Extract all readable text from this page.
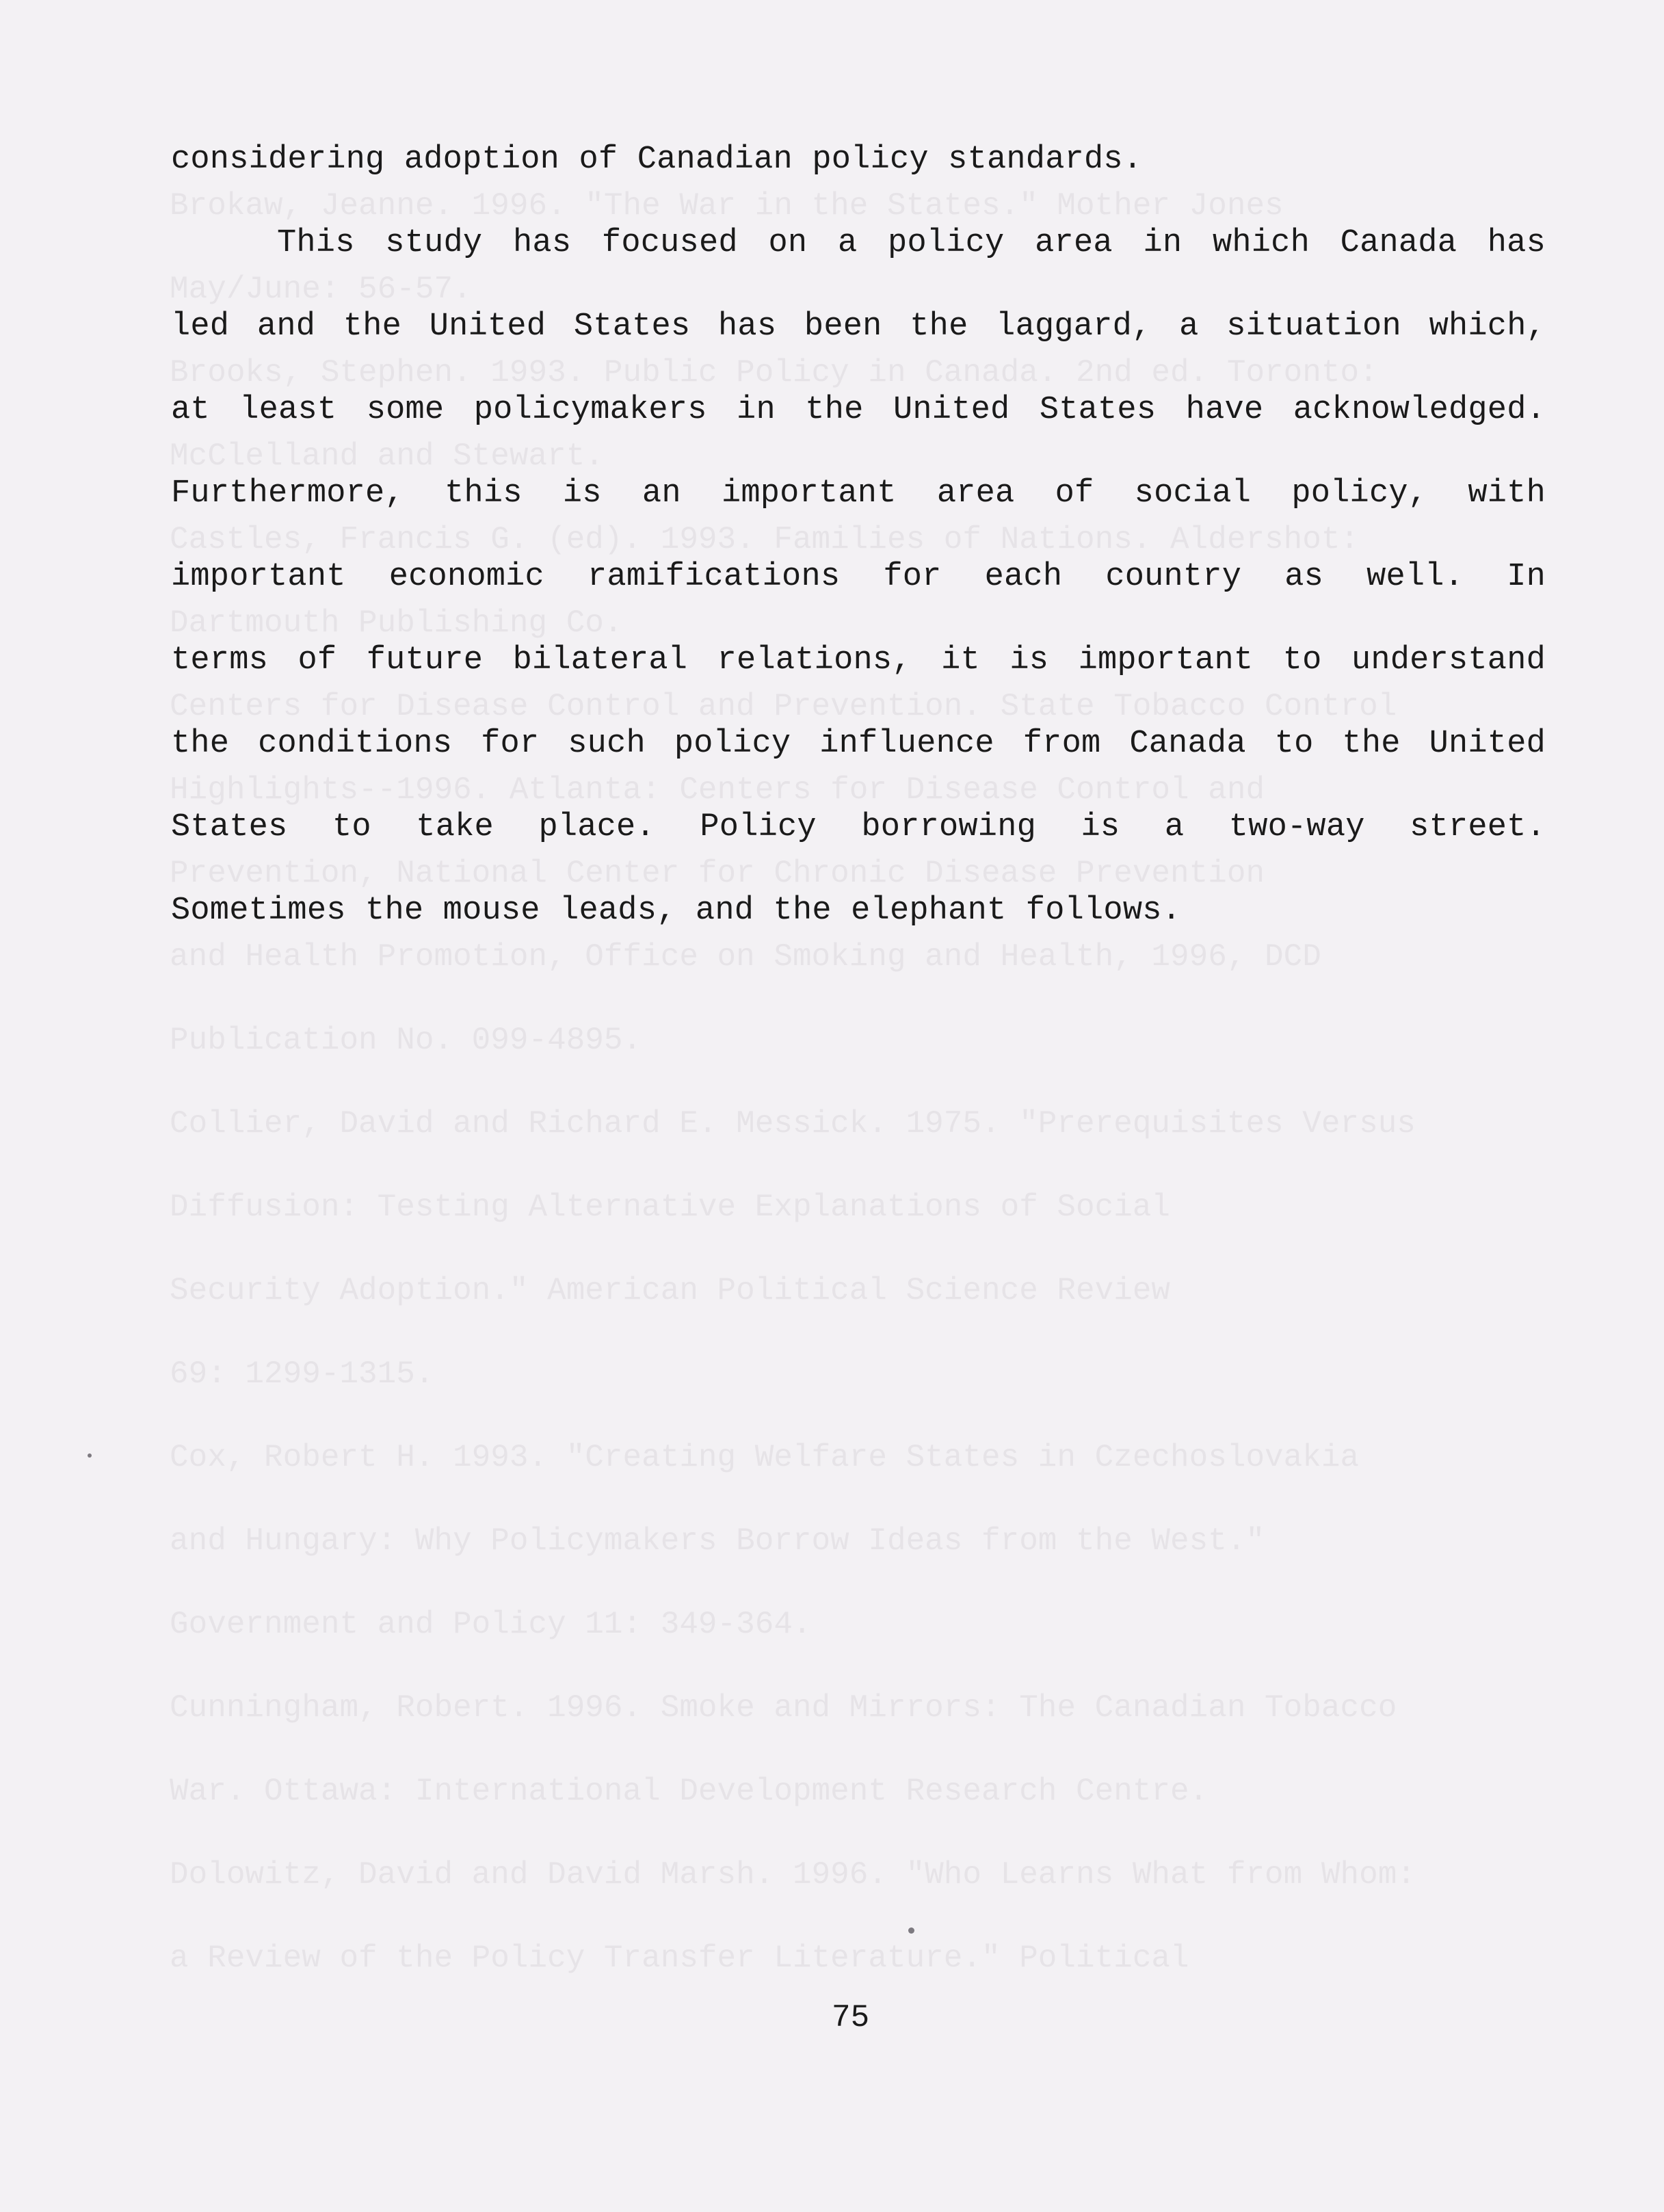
Brokaw, Jeanne. 1996. "The War in the States." Mother Jones
May/June: 56-57.
Brooks, Stephen. 1993. Public Policy in Canada. 2nd ed. Toronto:
McClelland and Stewart.
Castles, Francis G. (ed). 1993. Families of Nations. Aldershot:
Dartmouth Publishing Co.
Centers for Disease Control and Prevention. State Tobacco Control
Highlights--1996. Atlanta: Centers for Disease Control and
Prevention, National Center for Chronic Disease Prevention
and Health Promotion, Office on Smoking and Health, 1996, DCD
Publication No. 099-4895.
Collier, David and Richard E. Messick. 1975. "Prerequisites Versus
Diffusion: Testing Alternative Explanations of Social
Security Adoption." American Political Science Review
69: 1299-1315.
Cox, Robert H. 1993. "Creating Welfare States in Czechoslovakia
and Hungary: Why Policymakers Borrow Ideas from the West."
Government and Policy 11: 349-364.
Cunningham, Robert. 1996. Smoke and Mirrors: The Canadian Tobacco
War. Ottawa: International Development Research Centre.
Dolowitz, David and David Marsh. 1996. "Who Learns What from Whom:
a Review of the Policy Transfer Literature." Political
considering adoption of Canadian policy standards.
This study has focused on a policy area in which Canada has
led and the United States has been the laggard, a situation which,
at least some policymakers in the United States have acknowledged.
Furthermore, this is an important area of social policy, with
important economic ramifications for each country as well. In
terms of future bilateral relations, it is important to understand
the conditions for such policy influence from Canada to the United
States to take place. Policy borrowing is a two-way street.
Sometimes the mouse leads, and the elephant follows.
75
